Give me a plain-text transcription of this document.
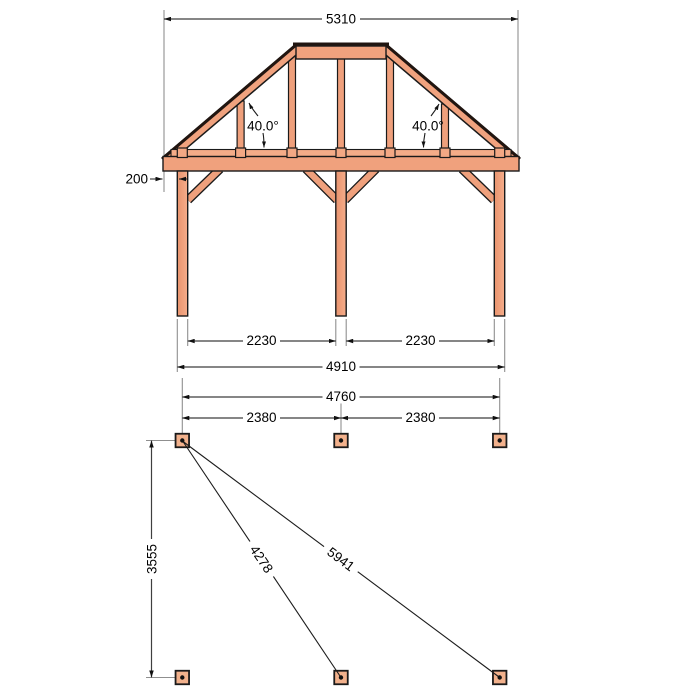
5310
200
40.0°	40.0°
2230	2230
4910
4760
2380	2380
3555	4278	5941
